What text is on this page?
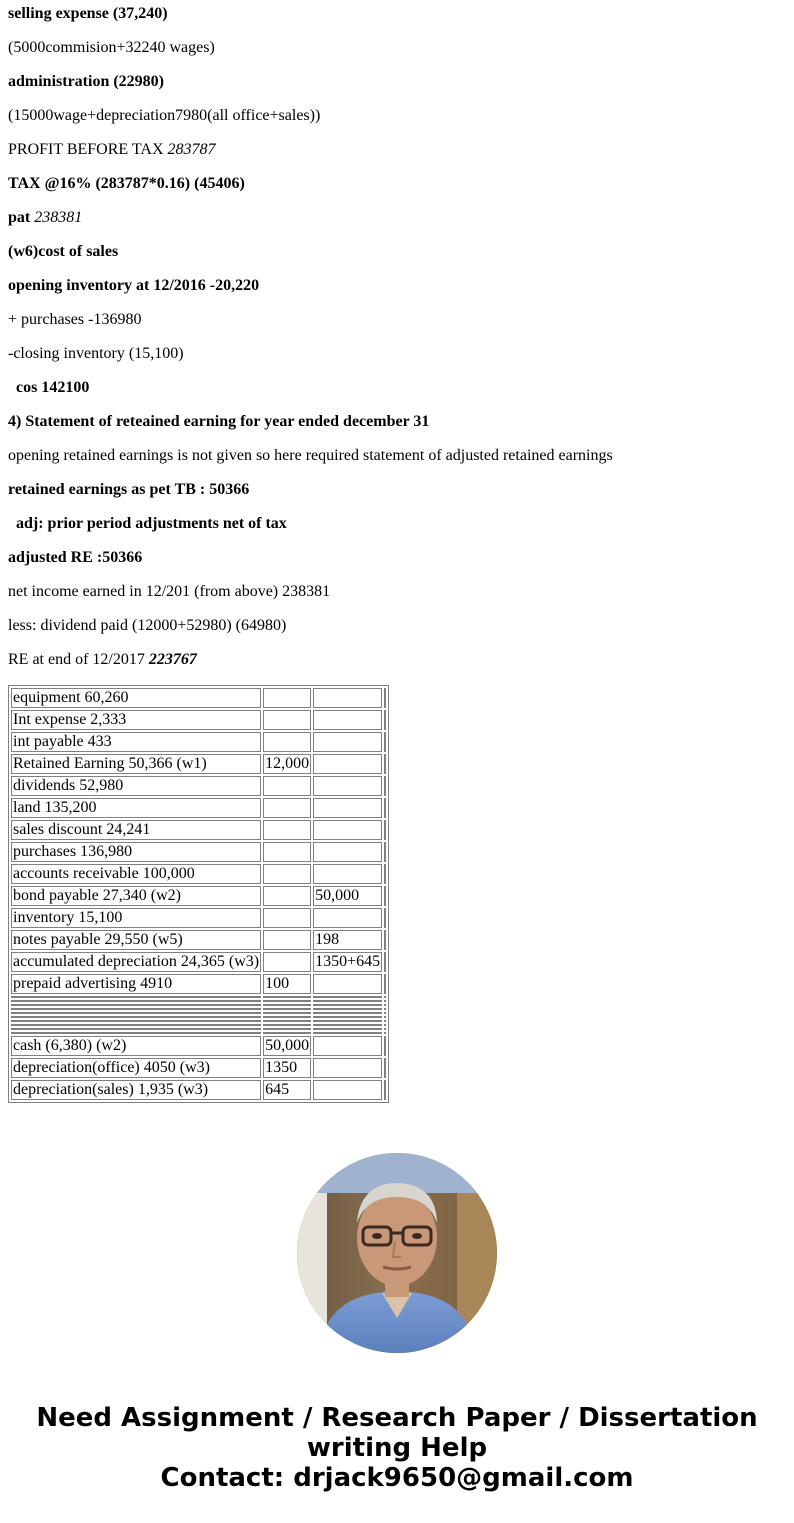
selling expense (37,240)

(5000commision+32240 wages)

administration (22980)

(15000wage+depreciation7980(all office+sales))

PROFIT BEFORE TAX 283787

TAX @16% (283787*0.16) (45406)

pat 238381

(w6)cost of sales

opening inventory at 12/2016 -20,220

+ purchases -136980

-closing inventory (15,100)

cos 142100

4) Statement of reteained earning for year ended december 31

opening retained earnings is not given so here required statement of adjusted retained earnings

retained earnings as pet TB : 50366

adj: prior period adjustments net of tax

adjusted RE :50366

net income earned in 12/201 (from above) 238381

less: dividend paid (12000+52980) (64980)

RE at end of 12/2017 223767

equipment 60,260			
Int expense 2,333			
int payable 433			
Retained Earning 50,366 (w1)	12,000		
dividends 52,980			
land 135,200			
sales discount 24,241			
purchases 136,980			
accounts receivable 100,000			
bond payable 27,340 (w2)		50,000	
inventory 15,100			
notes payable 29,550 (w5)		198	
accumulated depreciation 24,365 (w3)		1350+645	
prepaid advertising 4910	100		

cash (6,380) (w2)	50,000		
depreciation(office) 4050 (w3)	1350		
depreciation(sales) 1,935 (w3)	645		
Need Assignment / Research Paper / Dissertation
writing Help
Contact: drjack9650@gmail.com
